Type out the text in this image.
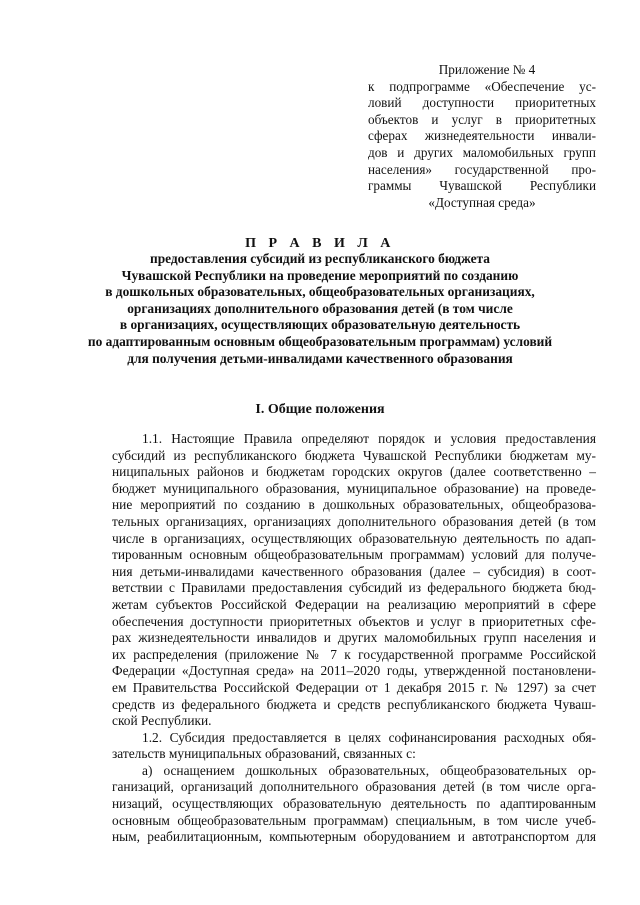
Приложение № 4
к подпрограмме «Обеспечение ус-
ловий доступности приоритетных
объектов и услуг в приоритетных
сферах жизнедеятельности инвали-
дов и других маломобильных групп
населения» государственной про-
граммы Чувашской Республики
«Доступная среда»
П Р А В И Л А
предоставления субсидий из республиканского бюджета
Чувашской Республики на проведение мероприятий по созданию
в дошкольных образовательных, общеобразовательных организациях,
организациях дополнительного образования детей (в том числе
в организациях, осуществляющих образовательную деятельность
по адаптированным основным общеобразовательным программам) условий
для получения детьми-инвалидами качественного образования
I. Общие положения
1.1. Настоящие Правила определяют порядок и условия предоставления
субсидий из республиканского бюджета Чувашской Республики бюджетам му-
ниципальных районов и бюджетам городских округов (далее соответственно –
бюджет муниципального образования, муниципальное образование) на проведе-
ние мероприятий по созданию в дошкольных образовательных, общеобразова-
тельных организациях, организациях дополнительного образования детей (в том
числе в организациях, осуществляющих образовательную деятельность по адап-
тированным основным общеобразовательным программам) условий для получе-
ния детьми-инвалидами качественного образования (далее – субсидия) в соот-
ветствии с Правилами предоставления субсидий из федерального бюджета бюд-
жетам субъектов Российской Федерации на реализацию мероприятий в сфере
обеспечения доступности приоритетных объектов и услуг в приоритетных сфе-
рах жизнедеятельности инвалидов и других маломобильных групп населения и
их распределения (приложение № 7 к государственной программе Российской
Федерации «Доступная среда» на 2011–2020 годы, утвержденной постановлени-
ем Правительства Российской Федерации от 1 декабря 2015 г. № 1297) за счет
средств из федерального бюджета и средств республиканского бюджета Чуваш-
ской Республики.
1.2. Субсидия предоставляется в целях софинансирования расходных обя-
зательств муниципальных образований, связанных с:
а) оснащением дошкольных образовательных, общеобразовательных ор-
ганизаций, организаций дополнительного образования детей (в том числе орга-
низаций, осуществляющих образовательную деятельность по адаптированным
основным общеобразовательным программам) специальным, в том числе учеб-
ным, реабилитационным, компьютерным оборудованием и автотранспортом для
